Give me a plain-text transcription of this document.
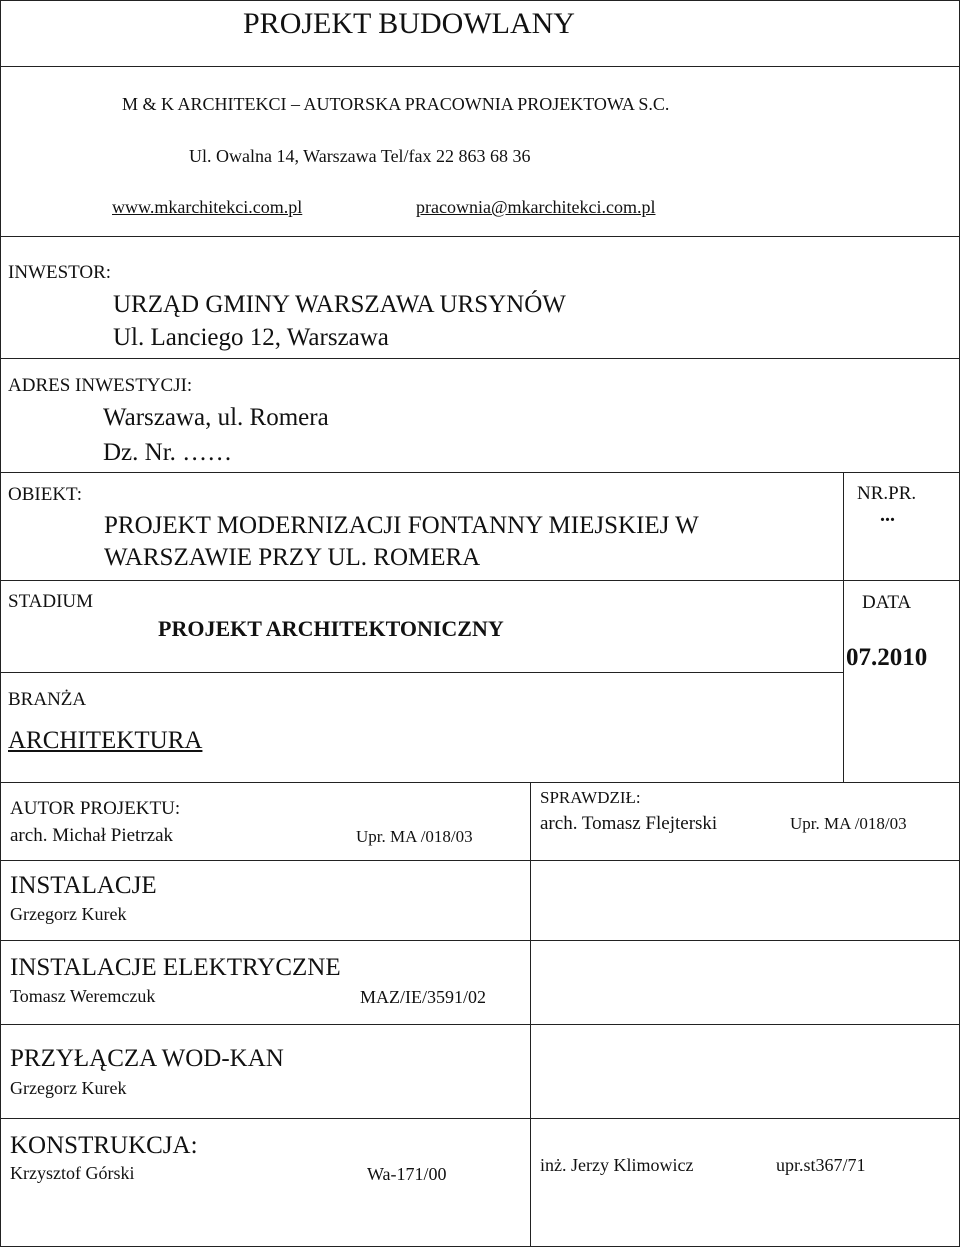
PROJEKT BUDOWLANY
M & K ARCHITEKCI – AUTORSKA PRACOWNIA PROJEKTOWA S.C.
Ul. Owalna 14, Warszawa Tel/fax 22 863 68 36
www.mkarchitekci.com.pl	pracownia@mkarchitekci.com.pl
INWESTOR:
URZĄD GMINY WARSZAWA URSYNÓW
Ul. Lanciego 12, Warszawa
ADRES INWESTYCJI:
Warszawa, ul. Romera
Dz. Nr. ……
NR.PR.
...
DATA
07.2010
OBIEKT:
PROJEKT MODERNIZACJI FONTANNY MIEJSKIEJ W
WARSZAWIE PRZY UL. ROMERA
STADIUM
PROJEKT ARCHITEKTONICZNY
BRANŻA
ARCHITEKTURA
AUTOR PROJEKTU:
arch. Michał Pietrzak	Upr. MA /018/03
SPRAWDZIŁ:
arch. Tomasz Flejterski	Upr. MA /018/03
INSTALACJE
Grzegorz Kurek
INSTALACJE ELEKTRYCZNE
Tomasz Weremczuk	MAZ/IE/3591/02
PRZYŁĄCZA WOD-KAN
Grzegorz Kurek
KONSTRUKCJA:
Krzysztof Górski	Wa-171/00	inż. Jerzy Klimowicz	upr.st367/71
